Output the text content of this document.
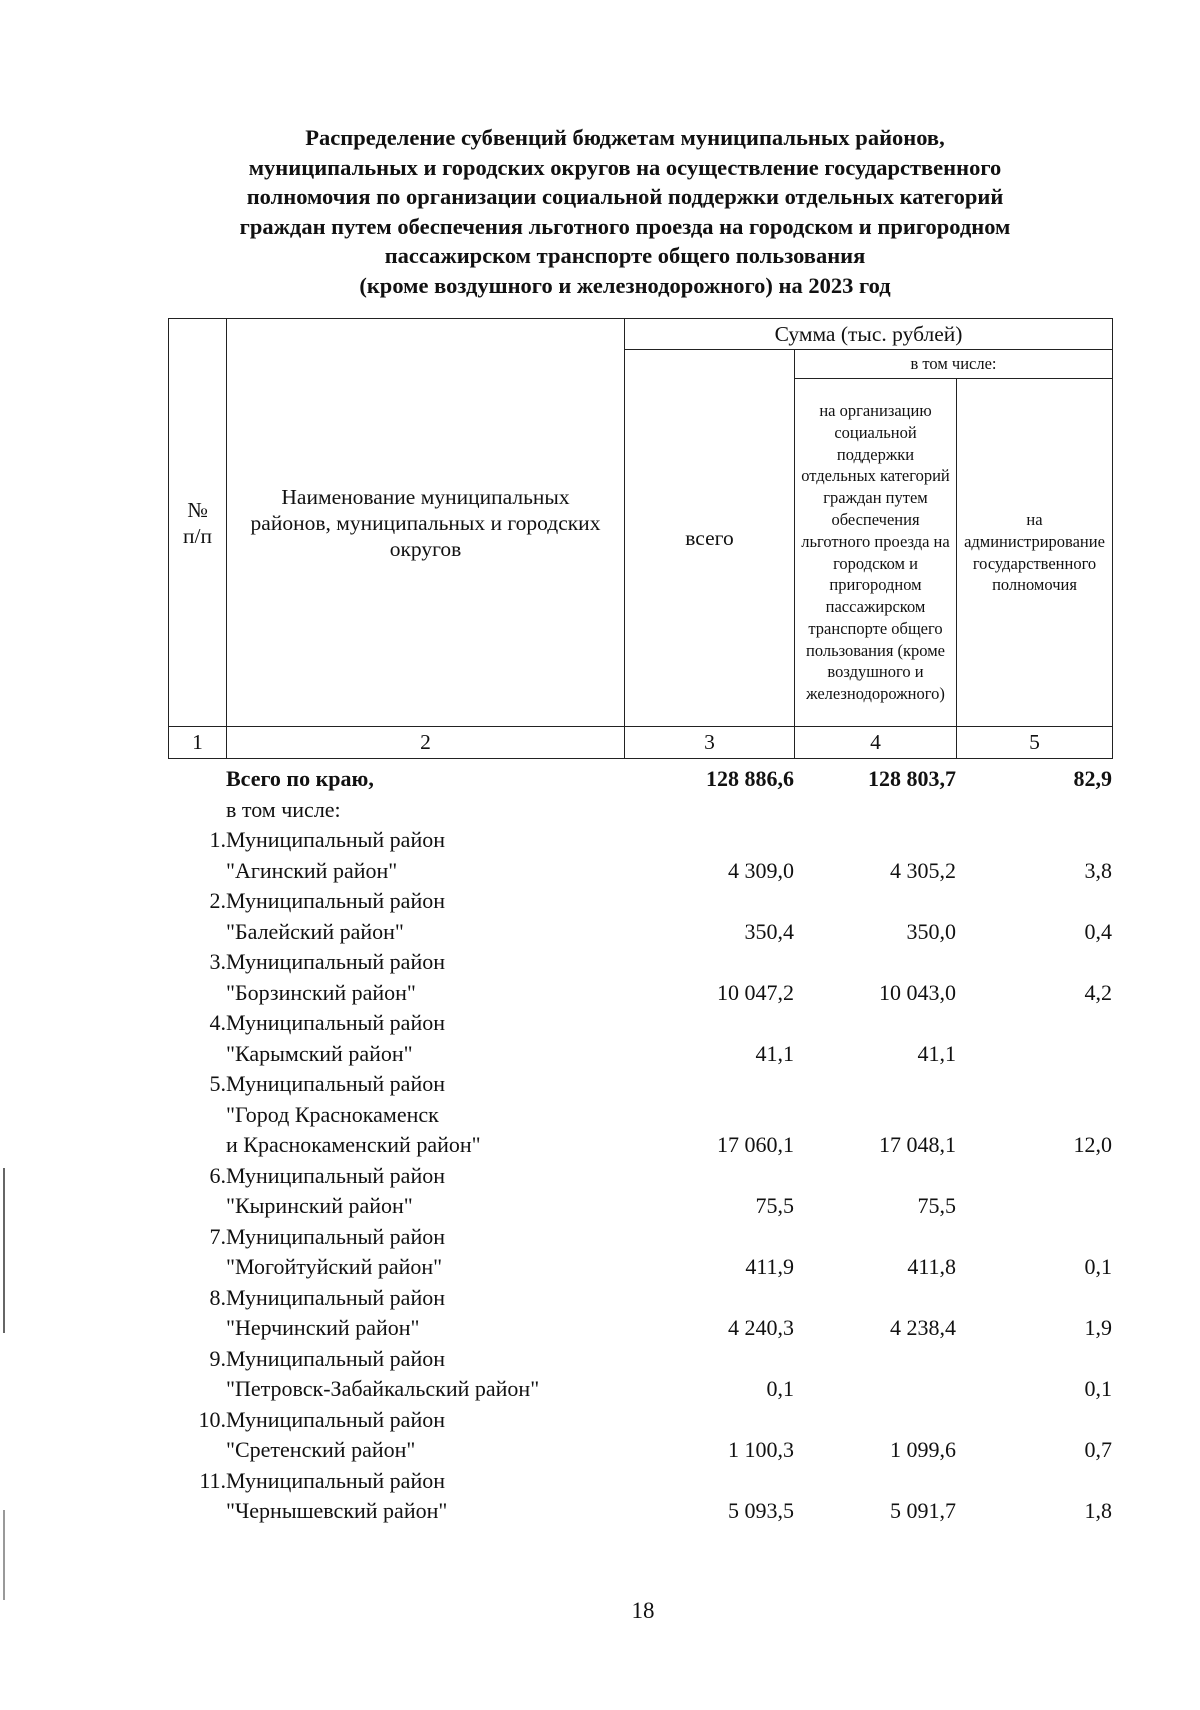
Распределение субвенций бюджетам муниципальных районов,
муниципальных и городских округов на осуществление государственного
полномочия по организации социальной поддержки отдельных категорий
граждан путем обеспечения льготного проезда на городском и пригородном
пассажирском транспорте общего пользования
(кроме воздушного и железнодорожного) на 2023 год
№ п/п	Наименование муниципальных районов, муниципальных и городских округов	Сумма (тыс. рублей)		
		всего	в том числе:	
			на организацию социальной поддержки отдельных категорий граждан путем обеспечения льготного проезда на городском и пригородном пассажирском транспорте общего пользования (кроме воздушного и железнодорожного)	на администрирование государственного полномочия
1	2	3	4	5
	Всего по краю,	128 886,6	128 803,7	82,9
	в том числе:			
1.	Муниципальный район			
	"Агинский район"	4 309,0	4 305,2	3,8
2.	Муниципальный район			
	"Балейский район"	350,4	350,0	0,4
3.	Муниципальный район			
	"Борзинский район"	10 047,2	10 043,0	4,2
4.	Муниципальный район			
	"Карымский район"	41,1	41,1	
5.	Муниципальный район			
	"Город Краснокаменск			
	и Краснокаменский район"	17 060,1	17 048,1	12,0
6.	Муниципальный район			
	"Кыринский район"	75,5	75,5	
7.	Муниципальный район			
	"Могойтуйский район"	411,9	411,8	0,1
8.	Муниципальный район			
	"Нерчинский район"	4 240,3	4 238,4	1,9
9.	Муниципальный район			
	"Петровск-Забайкальский район"	0,1		0,1
10.	Муниципальный район			
	"Сретенский район"	1 100,3	1 099,6	0,7
11.	Муниципальный район			
	"Чернышевский район"	5 093,5	5 091,7	1,8
18
